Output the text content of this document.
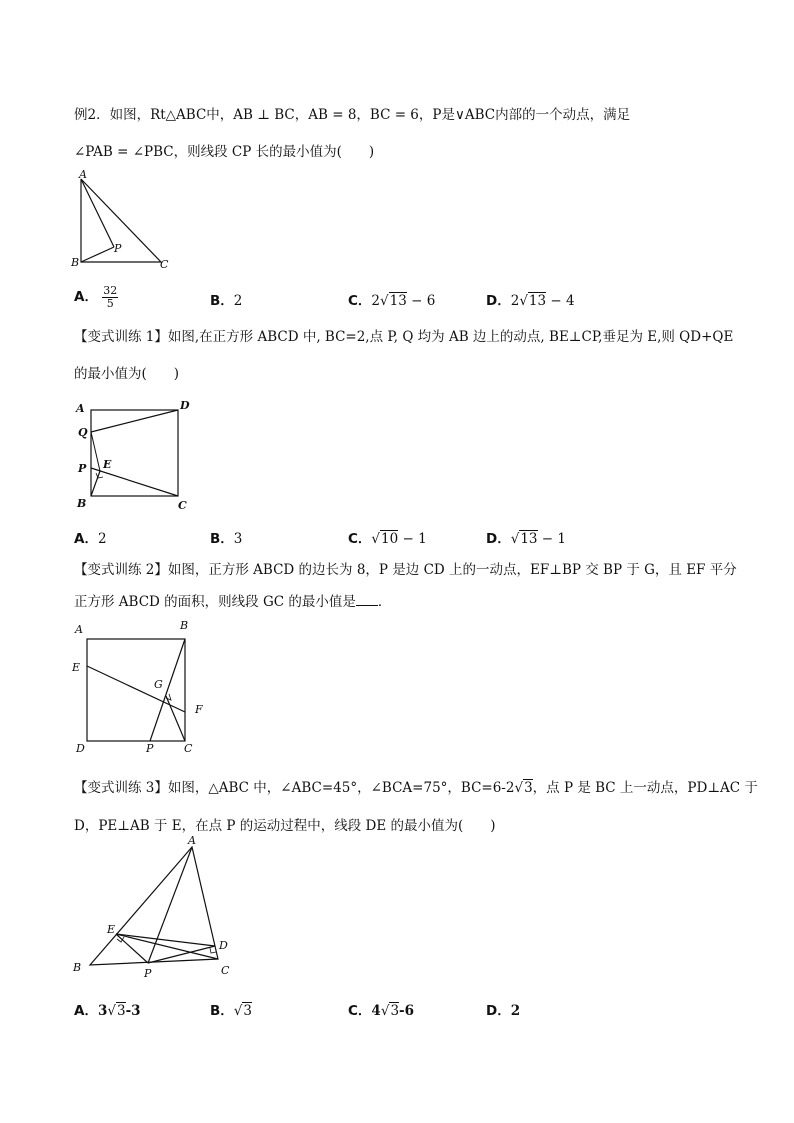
例2．如图，Rt△ABC中，AB ⊥ BC，AB = 8，BC = 6，P是∨ABC内部的一个动点，满足
∠PAB = ∠PBC，则线段 CP 长的最小值为(　　)
A
B	C
P
A． $\frac{32}{5}$	B．2	C．2√13 − 6	D．2√13 − 4
【变式训练 1】如图,在正方形 ABCD 中, BC=2,点 P, Q 均为 AB 边上的动点, BE⊥CP,垂足为 E,则 QD+QE
的最小值为(　　)
A	D
Q
P E
B	C
A．2	B．3	C．√10 − 1	D．√13 − 1
【变式训练 2】如图，正方形 ABCD 的边长为 8，P 是边 CD 上的一动点，EF⊥BP 交 BP 于 G，且 EF 平分
正方形 ABCD 的面积，则线段 GC 的最小值是 ．
A	B
E
G
F
D	P	C
【变式训练 3】如图，△ABC 中，∠ABC=45°，∠BCA=75°，BC=6-2√3，点 P 是 BC 上一动点，PD⊥AC 于
D，PE⊥AB 于 E，在点 P 的运动过程中，线段 DE 的最小值为(　　)
A
E
D
B	P	C
A．3√3-3	B．√3	C．4√3-6	D．2
